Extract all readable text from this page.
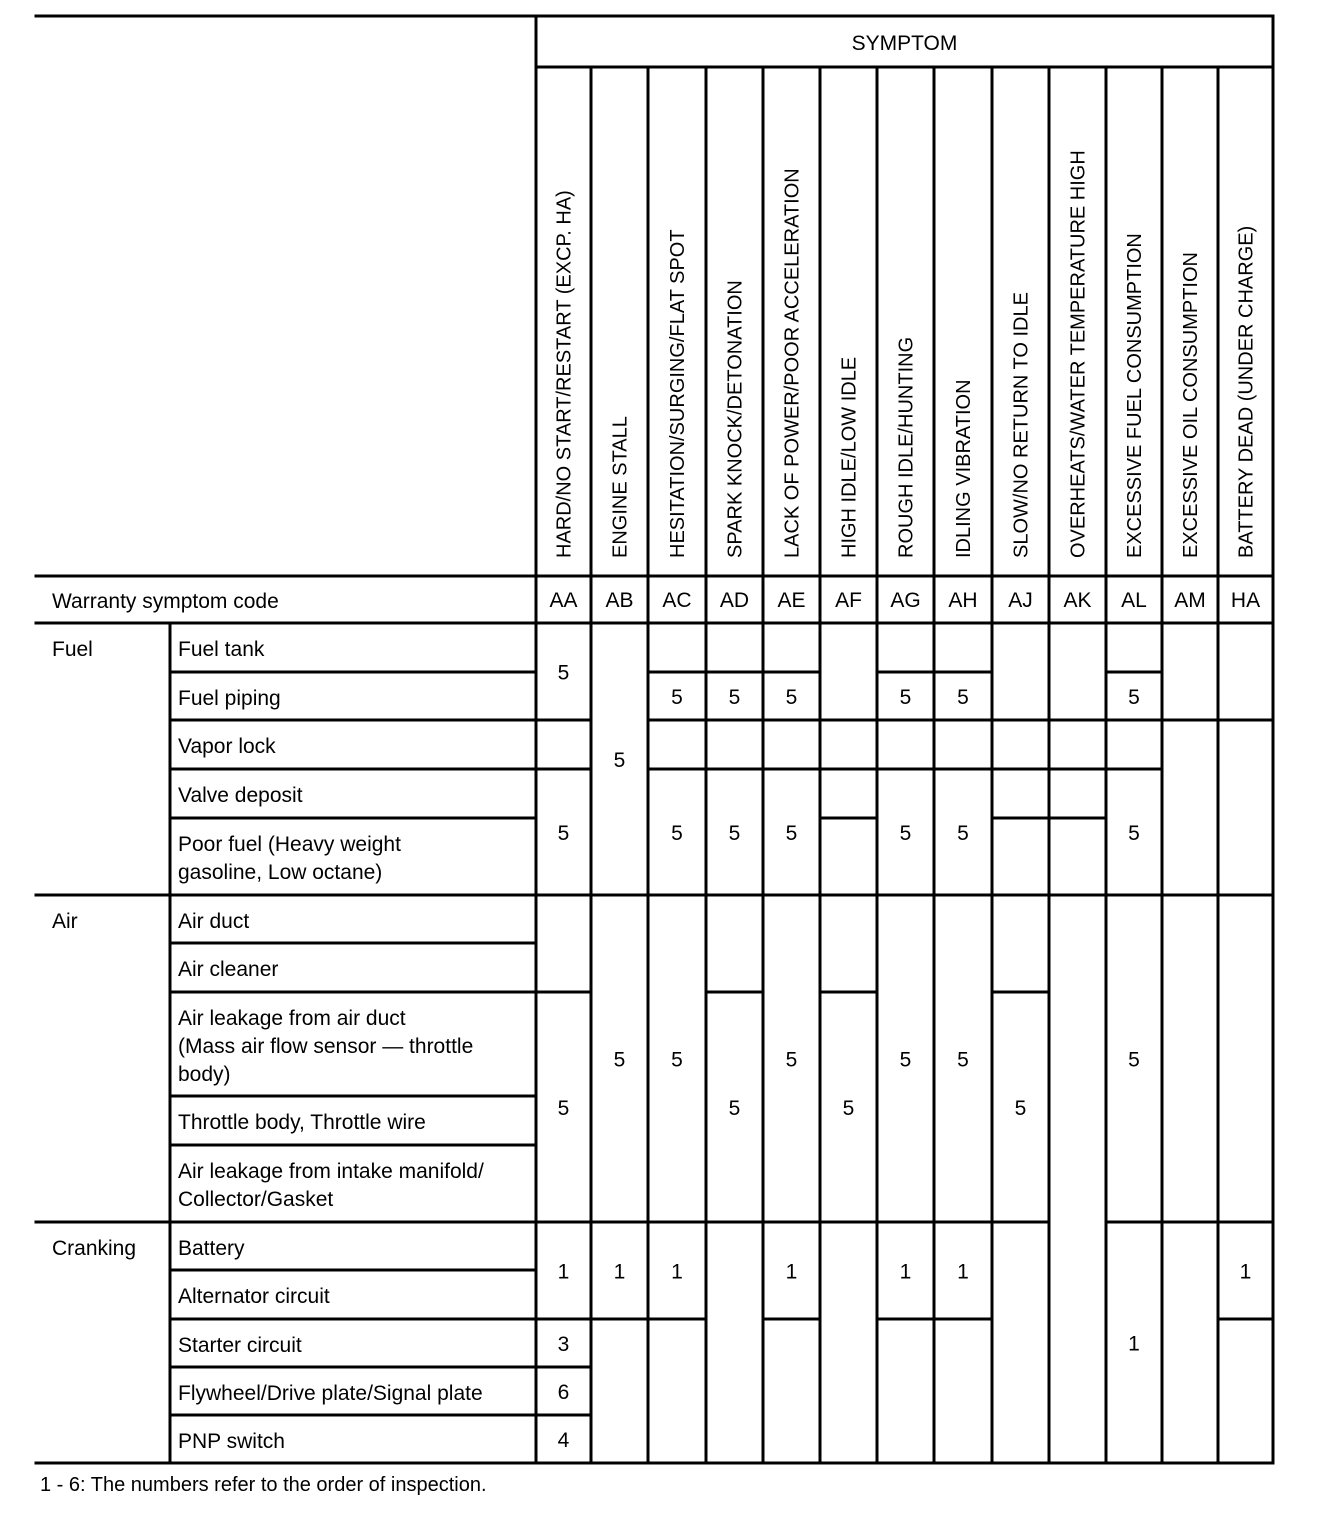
SYMPTOM
Warranty symptom code
HARD/NO START/RESTART (EXCP. HA)
AA
ENGINE STALL
AB
HESITATION/SURGING/FLAT SPOT
AC
SPARK KNOCK/DETONATION
AD
LACK OF POWER/POOR ACCELERATION
AE
HIGH IDLE/LOW IDLE
AF
ROUGH IDLE/HUNTING
AG
IDLING VIBRATION
AH
SLOW/NO RETURN TO IDLE
AJ
OVERHEATS/WATER TEMPERATURE HIGH
AK
EXCESSIVE FUEL CONSUMPTION
AL
EXCESSIVE OIL CONSUMPTION
AM
BATTERY DEAD (UNDER CHARGE)
HA
Fuel	Fuel tank
Fuel piping
Vapor lock
Valve deposit
Poor fuel (Heavy weight
gasoline, Low octane)
Air	Air duct
Air cleaner
Air leakage from air duct
(Mass air flow sensor — throttle
body)
Throttle body, Throttle wire
Air leakage from intake manifold/
Collector/Gasket
Cranking Battery
Alternator circuit
Starter circuit
Flywheel/Drive plate/Signal plate
PNP switch
5
5
5
1
3
6
4
5
5
1
5
5
5
1
5
5
5
5
5
5
1
5
5
5
5
1
5
5
5
1
5
5
5
5
1
1
1 - 6: The numbers refer to the order of inspection.
